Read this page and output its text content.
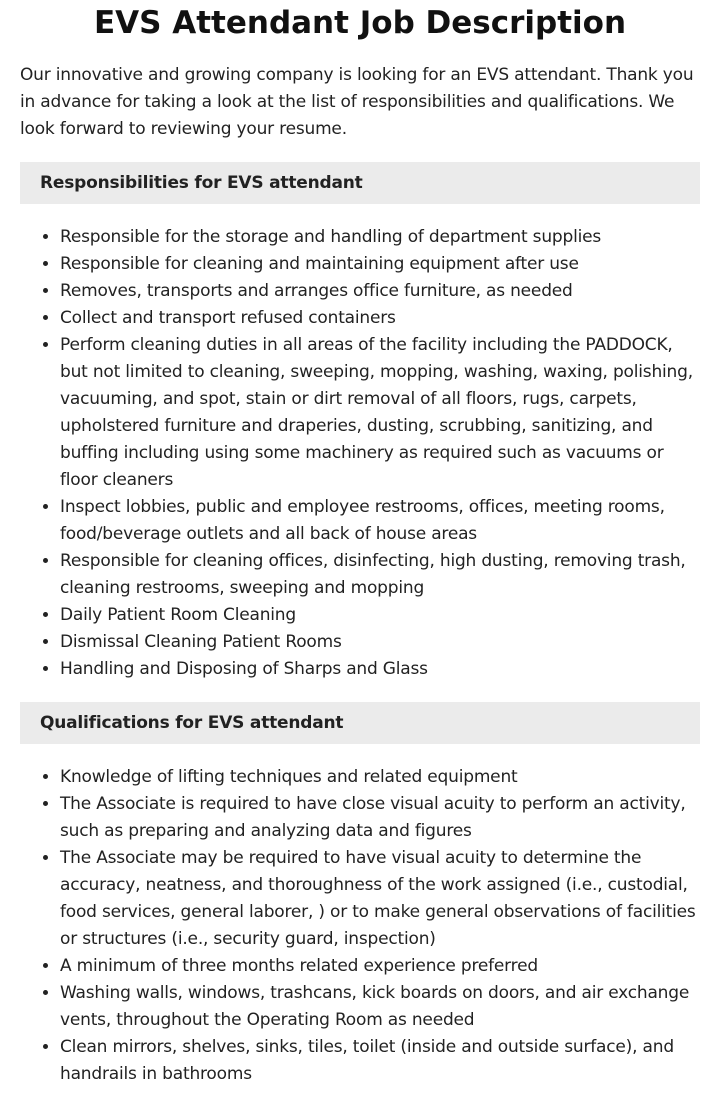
EVS Attendant Job Description

Our innovative and growing company is looking for an EVS attendant. Thank you in advance for taking a look at the list of responsibilities and qualifications. We look forward to reviewing your resume.

Responsibilities for EVS attendant
• Responsible for the storage and handling of department supplies
• Responsible for cleaning and maintaining equipment after use
• Removes, transports and arranges office furniture, as needed
• Collect and transport refused containers
• Perform cleaning duties in all areas of the facility including the PADDOCK, but not limited to cleaning, sweeping, mopping, washing, waxing, polishing, vacuuming, and spot, stain or dirt removal of all floors, rugs, carpets, upholstered furniture and draperies, dusting, scrubbing, sanitizing, and buffing including using some machinery as required such as vacuums or floor cleaners
• Inspect lobbies, public and employee restrooms, offices, meeting rooms, food/beverage outlets and all back of house areas
• Responsible for cleaning offices, disinfecting, high dusting, removing trash, cleaning restrooms, sweeping and mopping
• Daily Patient Room Cleaning
• Dismissal Cleaning Patient Rooms
• Handling and Disposing of Sharps and Glass
Qualifications for EVS attendant
• Knowledge of lifting techniques and related equipment
• The Associate is required to have close visual acuity to perform an activity, such as preparing and analyzing data and figures
• The Associate may be required to have visual acuity to determine the accuracy, neatness, and thoroughness of the work assigned (i.e., custodial, food services, general laborer, ) or to make general observations of facilities or structures (i.e., security guard, inspection)
• A minimum of three months related experience preferred
• Washing walls, windows, trashcans, kick boards on doors, and air exchange vents, throughout the Operating Room as needed
• Clean mirrors, shelves, sinks, tiles, toilet (inside and outside surface), and handrails in bathrooms
